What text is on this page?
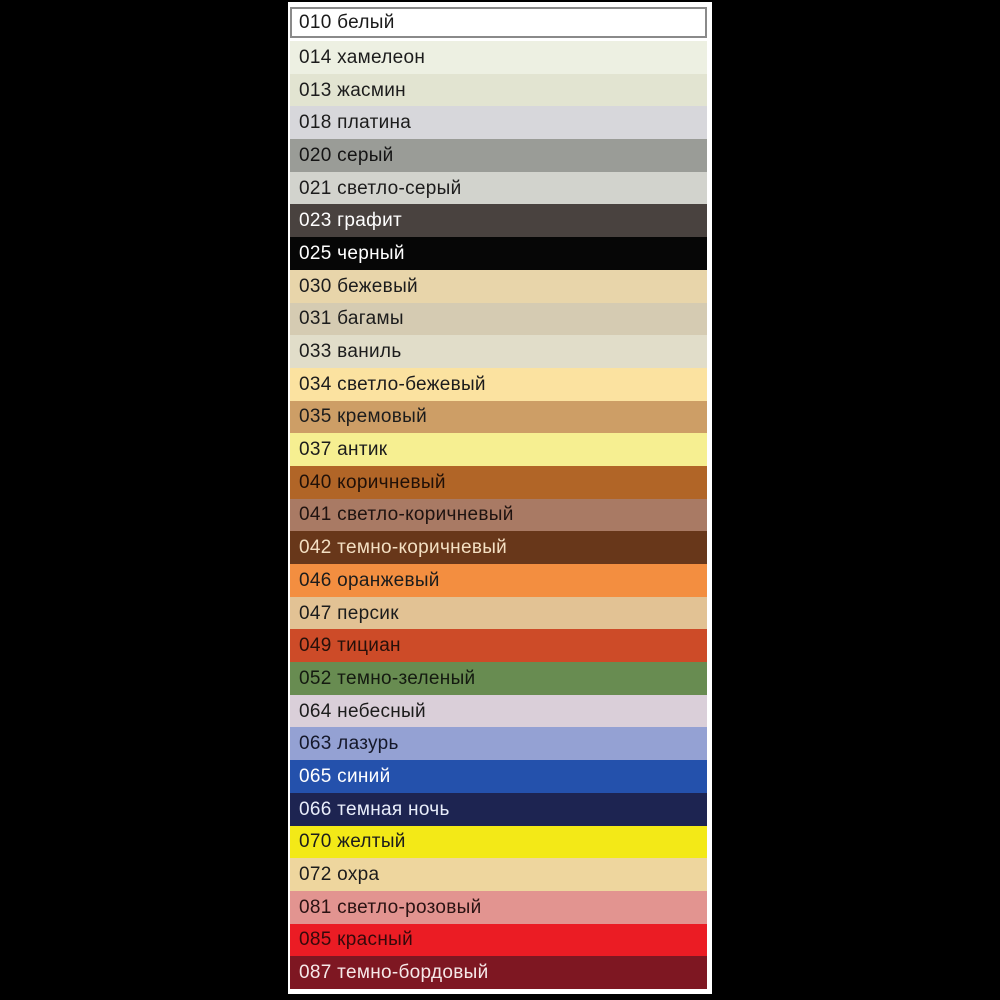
010 белый
014 хамелеон
013 жасмин
018 платина
020 серый
021 светло-серый
023 графит
025 черный
030 бежевый
031 багамы
033 ваниль
034 светло-бежевый
035 кремовый
037 антик
040 коричневый
041 светло-коричневый
042 темно-коричневый
046 оранжевый
047 персик
049 тициан
052 темно-зеленый
064 небесный
063 лазурь
065 синий
066 темная ночь
070 желтый
072 охра
081 светло-розовый
085 красный
087 темно-бордовый
